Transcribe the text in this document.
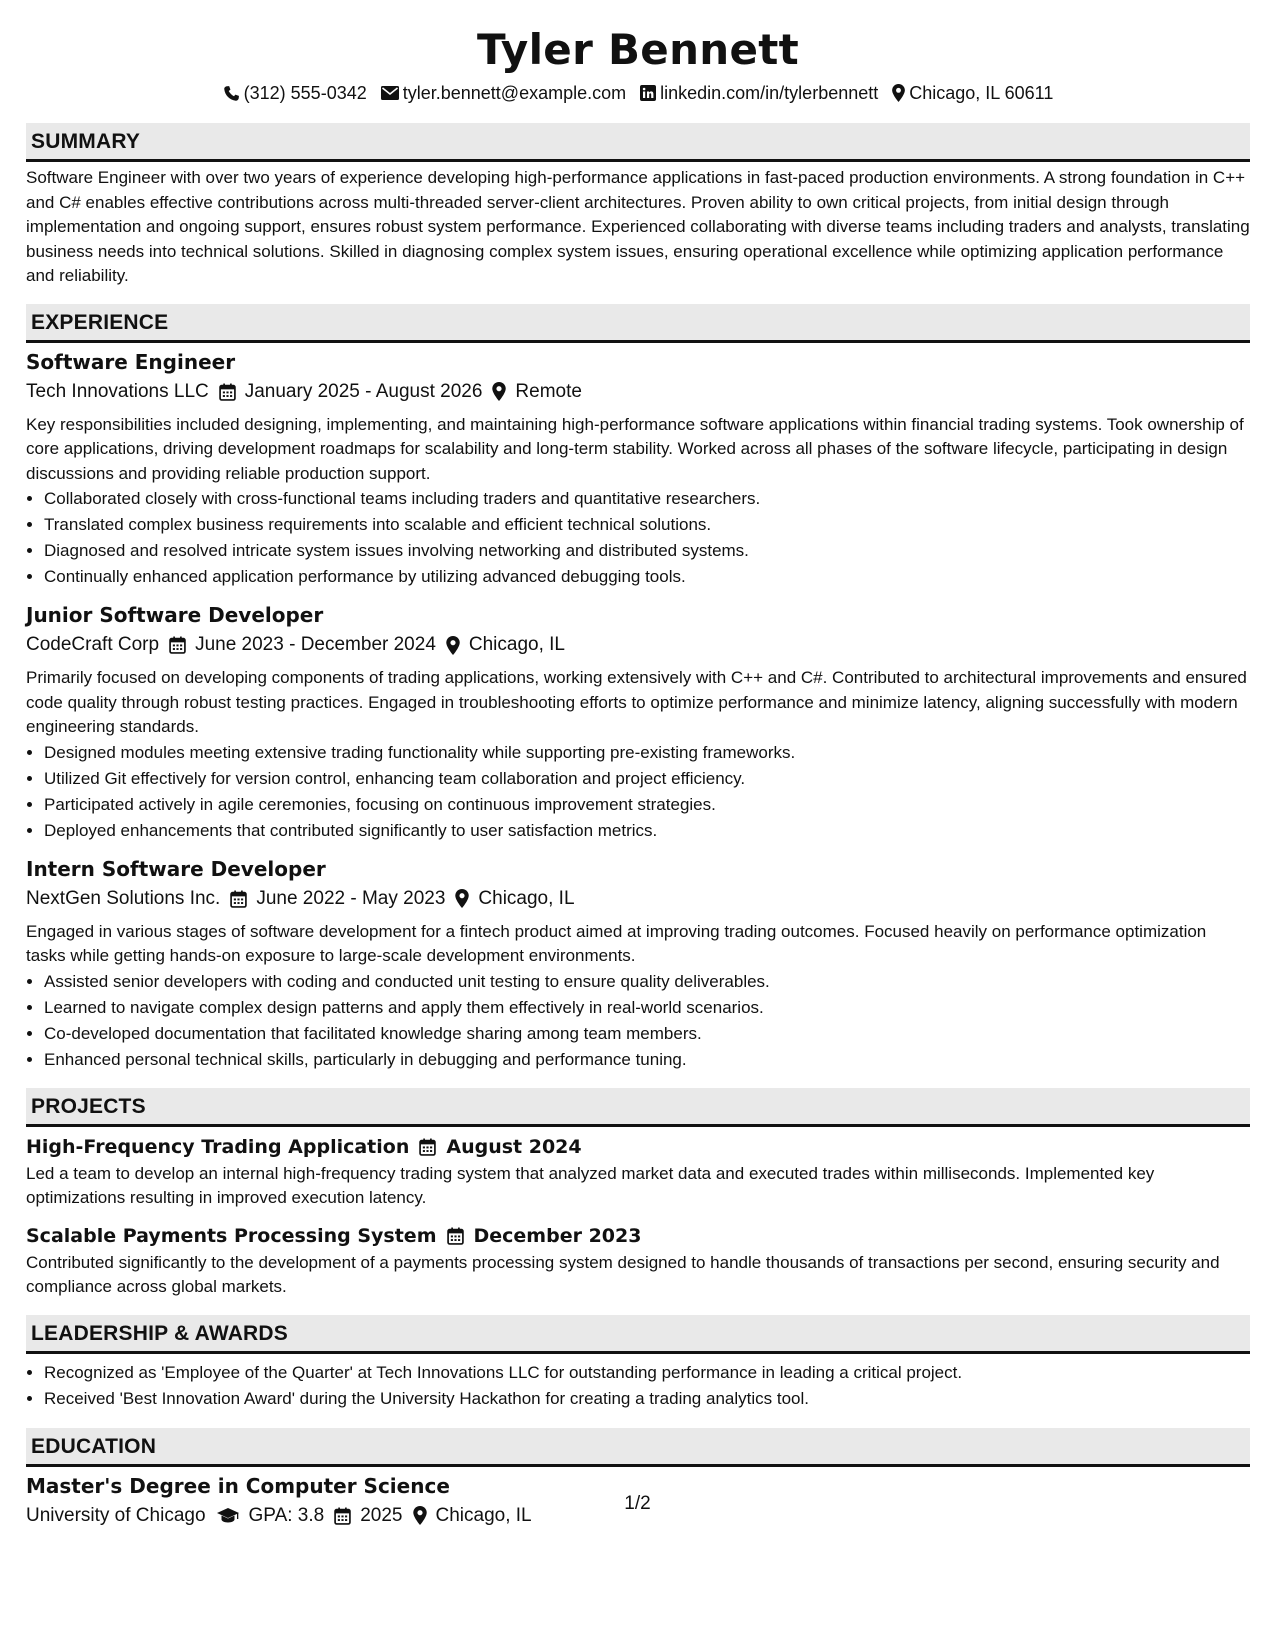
Tyler Bennett
(312) 555-0342 tyler.bennett@example.com linkedin.com/in/tylerbennett Chicago, IL 60611
SUMMARY

Software Engineer with over two years of experience developing high-performance applications in fast-paced production environments. A strong foundation in C++ and C# enables effective contributions across multi-threaded server-client architectures. Proven ability to own critical projects, from initial design through implementation and ongoing support, ensures robust system performance. Experienced collaborating with diverse teams including traders and analysts, translating business needs into technical solutions. Skilled in diagnosing complex system issues, ensuring operational excellence while optimizing application performance and reliability.

EXPERIENCE
Software Engineer
Tech Innovations LLC January 2025 - August 2026 Remote

Key responsibilities included designing, implementing, and maintaining high-performance software applications within financial trading systems. Took ownership of core applications, driving development roadmaps for scalability and long-term stability. Worked across all phases of the software lifecycle, participating in design discussions and providing reliable production support.

• Collaborated closely with cross-functional teams including traders and quantitative researchers.
• Translated complex business requirements into scalable and efficient technical solutions.
• Diagnosed and resolved intricate system issues involving networking and distributed systems.
• Continually enhanced application performance by utilizing advanced debugging tools.
Junior Software Developer
CodeCraft Corp June 2023 - December 2024 Chicago, IL

Primarily focused on developing components of trading applications, working extensively with C++ and C#. Contributed to architectural improvements and ensured code quality through robust testing practices. Engaged in troubleshooting efforts to optimize performance and minimize latency, aligning successfully with modern engineering standards.

• Designed modules meeting extensive trading functionality while supporting pre-existing frameworks.
• Utilized Git effectively for version control, enhancing team collaboration and project efficiency.
• Participated actively in agile ceremonies, focusing on continuous improvement strategies.
• Deployed enhancements that contributed significantly to user satisfaction metrics.
Intern Software Developer
NextGen Solutions Inc. June 2022 - May 2023 Chicago, IL

Engaged in various stages of software development for a fintech product aimed at improving trading outcomes. Focused heavily on performance optimization tasks while getting hands-on exposure to large-scale development environments.

• Assisted senior developers with coding and conducted unit testing to ensure quality deliverables.
• Learned to navigate complex design patterns and apply them effectively in real-world scenarios.
• Co-developed documentation that facilitated knowledge sharing among team members.
• Enhanced personal technical skills, particularly in debugging and performance tuning.
PROJECTS
High-Frequency Trading Application August 2024

Led a team to develop an internal high-frequency trading system that analyzed market data and executed trades within milliseconds. Implemented key optimizations resulting in improved execution latency.

Scalable Payments Processing System December 2023

Contributed significantly to the development of a payments processing system designed to handle thousands of transactions per second, ensuring security and compliance across global markets.

LEADERSHIP & AWARDS
• Recognized as 'Employee of the Quarter' at Tech Innovations LLC for outstanding performance in leading a critical project.
• Received 'Best Innovation Award' during the University Hackathon for creating a trading analytics tool.
EDUCATION
Master's Degree in Computer Science
University of Chicago GPA: 3.8 2025 Chicago, IL
1/2
